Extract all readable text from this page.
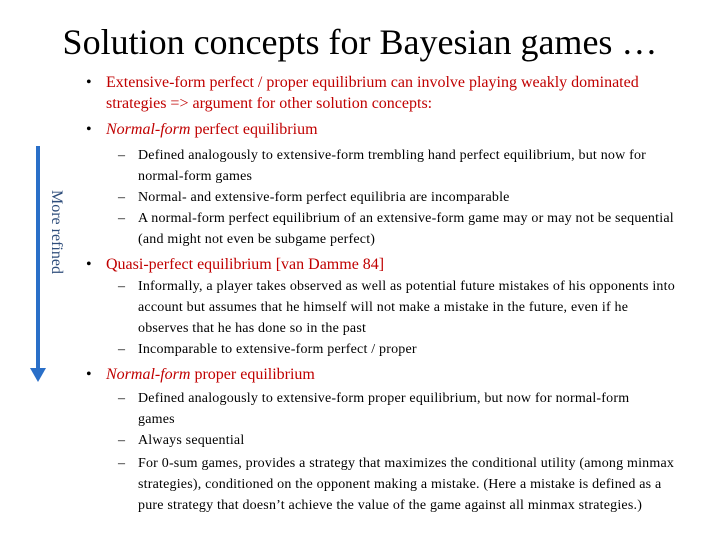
Solution concepts for Bayesian games …
More refined
• Extensive-form perfect / proper equilibrium can involve playing weakly dominated strategies => argument for other solution concepts:
• Normal-form perfect equilibrium
– Defined analogously to extensive-form trembling hand perfect equilibrium, but now for normal-form games
– Normal- and extensive-form perfect equilibria are incomparable
– A normal-form perfect equilibrium of an extensive-form game may or may not be sequential (and might not even be subgame perfect)
• Quasi-perfect equilibrium [van Damme 84]
– Informally, a player takes observed as well as potential future mistakes of his opponents into account but assumes that he himself will not make a mistake in the future, even if he observes that he has done so in the past
– Incomparable to extensive-form perfect / proper
• Normal-form proper equilibrium
– Defined analogously to extensive-form proper equilibrium, but now for normal-form games
– Always sequential
– For 0-sum games, provides a strategy that maximizes the conditional utility (among minmax strategies), conditioned on the opponent making a mistake. (Here a mistake is defined as a pure strategy that doesn’t achieve the value of the game against all minmax strategies.)
